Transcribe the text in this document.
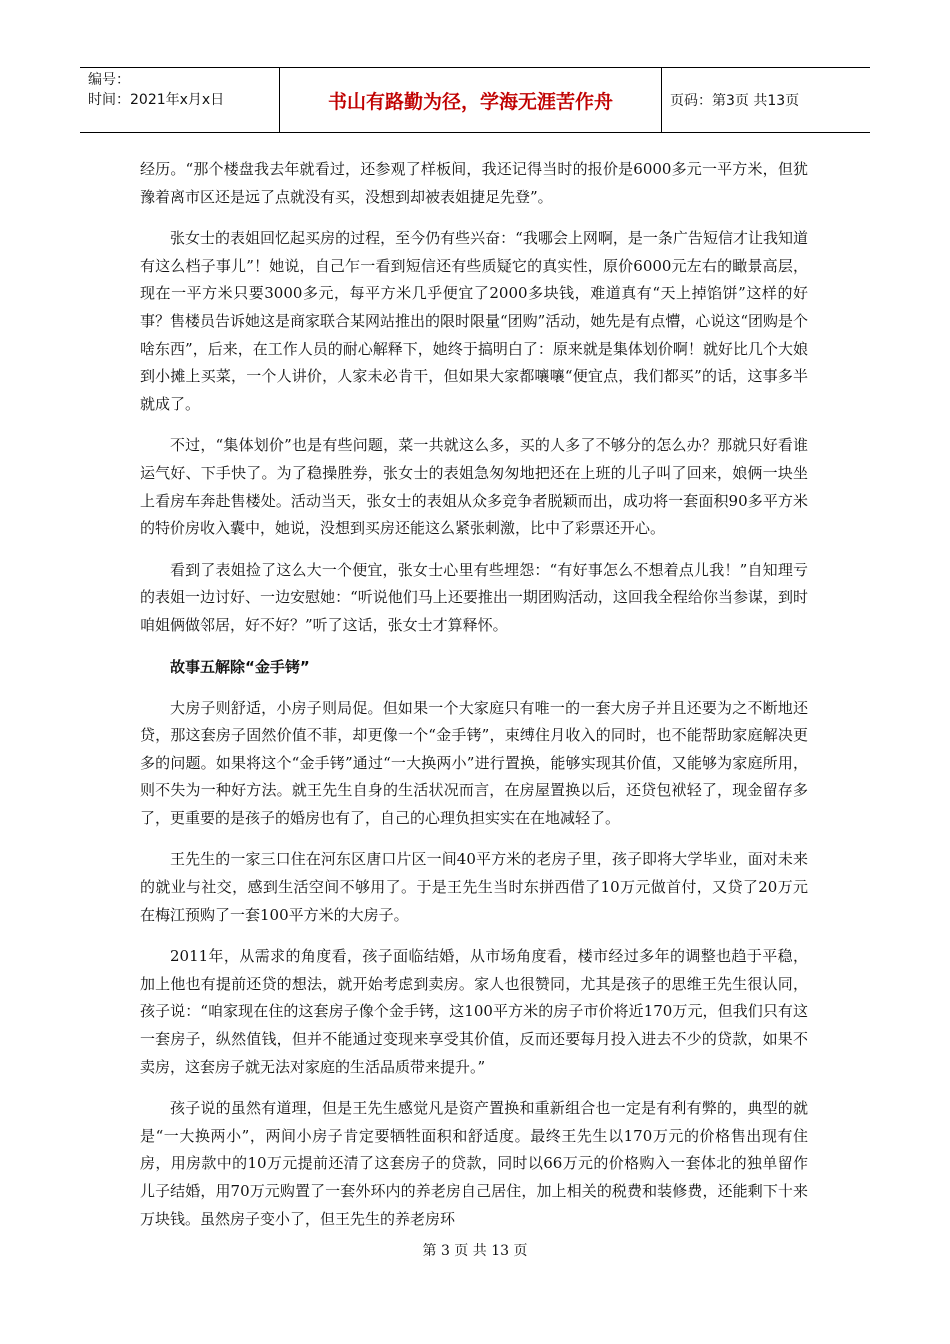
编号：
时间：2021年x月x日	书山有路勤为径，学海无涯苦作舟	页码：第3页 共13页

经历。“那个楼盘我去年就看过，还参观了样板间，我还记得当时的报价是6000多元一平方米，但犹豫着离市区还是远了点就没有买，没想到却被表姐捷足先登”。

张女士的表姐回忆起买房的过程，至今仍有些兴奋：“我哪会上网啊，是一条广告短信才让我知道有这么档子事儿”！她说，自己乍一看到短信还有些质疑它的真实性，原价6000元左右的瞰景高层，现在一平方米只要3000多元，每平方米几乎便宜了2000多块钱，难道真有“天上掉馅饼”这样的好事？售楼员告诉她这是商家联合某网站推出的限时限量“团购”活动，她先是有点懵，心说这“团购是个啥东西”，后来，在工作人员的耐心解释下，她终于搞明白了：原来就是集体划价啊！就好比几个大娘到小摊上买菜，一个人讲价，人家未必肯干，但如果大家都嚷嚷“便宜点，我们都买”的话，这事多半就成了。

不过，“集体划价”也是有些问题，菜一共就这么多，买的人多了不够分的怎么办？那就只好看谁运气好、下手快了。为了稳操胜券，张女士的表姐急匆匆地把还在上班的儿子叫了回来，娘俩一块坐上看房车奔赴售楼处。活动当天，张女士的表姐从众多竞争者脱颖而出，成功将一套面积90多平方米的特价房收入囊中，她说，没想到买房还能这么紧张刺激，比中了彩票还开心。

看到了表姐捡了这么大一个便宜，张女士心里有些埋怨：“有好事怎么不想着点儿我！”自知理亏的表姐一边讨好、一边安慰她：“听说他们马上还要推出一期团购活动，这回我全程给你当参谋，到时咱姐俩做邻居，好不好？”听了这话，张女士才算释怀。

故事五解除“金手铐”

大房子则舒适，小房子则局促。但如果一个大家庭只有唯一的一套大房子并且还要为之不断地还贷，那这套房子固然价值不菲，却更像一个“金手铐”，束缚住月收入的同时，也不能帮助家庭解决更多的问题。如果将这个“金手铐”通过“一大换两小”进行置换，能够实现其价值，又能够为家庭所用，则不失为一种好方法。就王先生自身的生活状况而言，在房屋置换以后，还贷包袱轻了，现金留存多了，更重要的是孩子的婚房也有了，自己的心理负担实实在在地减轻了。

王先生的一家三口住在河东区唐口片区一间40平方米的老房子里，孩子即将大学毕业，面对未来的就业与社交，感到生活空间不够用了。于是王先生当时东拼西借了10万元做首付，又贷了20万元在梅江预购了一套100平方米的大房子。

2011年，从需求的角度看，孩子面临结婚，从市场角度看，楼市经过多年的调整也趋于平稳，加上他也有提前还贷的想法，就开始考虑到卖房。家人也很赞同，尤其是孩子的思维王先生很认同，孩子说：“咱家现在住的这套房子像个金手铐，这100平方米的房子市价将近170万元，但我们只有这一套房子，纵然值钱，但并不能通过变现来享受其价值，反而还要每月投入进去不少的贷款，如果不卖房，这套房子就无法对家庭的生活品质带来提升。”

孩子说的虽然有道理，但是王先生感觉凡是资产置换和重新组合也一定是有利有弊的，典型的就是“一大换两小”，两间小房子肯定要牺牲面积和舒适度。最终王先生以170万元的价格售出现有住房，用房款中的10万元提前还清了这套房子的贷款，同时以66万元的价格购入一套体北的独单留作儿子结婚，用70万元购置了一套外环内的养老房自己居住，加上相关的税费和装修费，还能剩下十来万块钱。虽然房子变小了，但王先生的养老房环

第 3 页 共 13 页
